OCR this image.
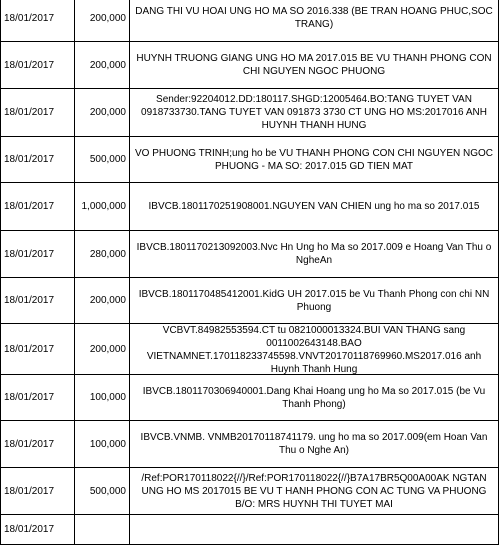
18/01/2017	200,000	DANG THI VU HOAI UNG HO MA SO 2016.338 (BE TRAN HOANG PHUC,SOC TRANG)

18/01/2017	200,000	HUYNH TRUONG GIANG UNG HO MA 2017.015 BE VU THANH PHONG CON CHI NGUYEN NGOC PHUONG

18/01/2017	200,000	Sender:92204012.DD:180117.SHGD:12005464.BO:TANG TUYET VAN 0918733730.TANG TUYET VAN 091873 3730 CT UNG HO MS:2017016 ANH HUYNH THANH HUNG

18/01/2017	500,000	VO PHUONG TRINH;ung ho be VU THANH PHONG CON CHI NGUYEN NGOC PHUONG - MA SO: 2017.015 GD TIEN MAT

18/01/2017	1,000,000	IBVCB.1801170251908001.NGUYEN VAN CHIEN ung ho ma so 2017.015

18/01/2017	280,000	IBVCB.1801170213092003.Nvc Hn Ung ho Ma so 2017.009 e Hoang Van Thu o NgheAn

18/01/2017	200,000	IBVCB.1801170485412001.KidG UH 2017.015 be Vu Thanh Phong con chi NN Phuong

18/01/2017	200,000	VCBVT.84982553594.CT tu 0821000013324.BUI VAN THANG sang 0011002643148.BAO VIETNAMNET.170118233745598.VNVT20170118769960.MS2017.016 anh Huynh Thanh Hung

18/01/2017	100,000	IBVCB.1801170306940001.Dang Khai Hoang ung ho Ma so 2017.015 (be Vu Thanh Phong)

18/01/2017	100,000	IBVCB.VNMB. VNMB20170118741179. ung ho ma so 2017.009(em Hoan Van Thu o Nghe An)

18/01/2017	500,000	/Ref:POR170118022{//}/Ref:POR170118022{//}B7A17BR5Q00A00AK NGTAN UNG HO MS 2017015 BE VU T HANH PHONG CON AC TUNG VA PHUONG B/O: MRS HUYNH THI TUYET MAI

18/01/2017		
